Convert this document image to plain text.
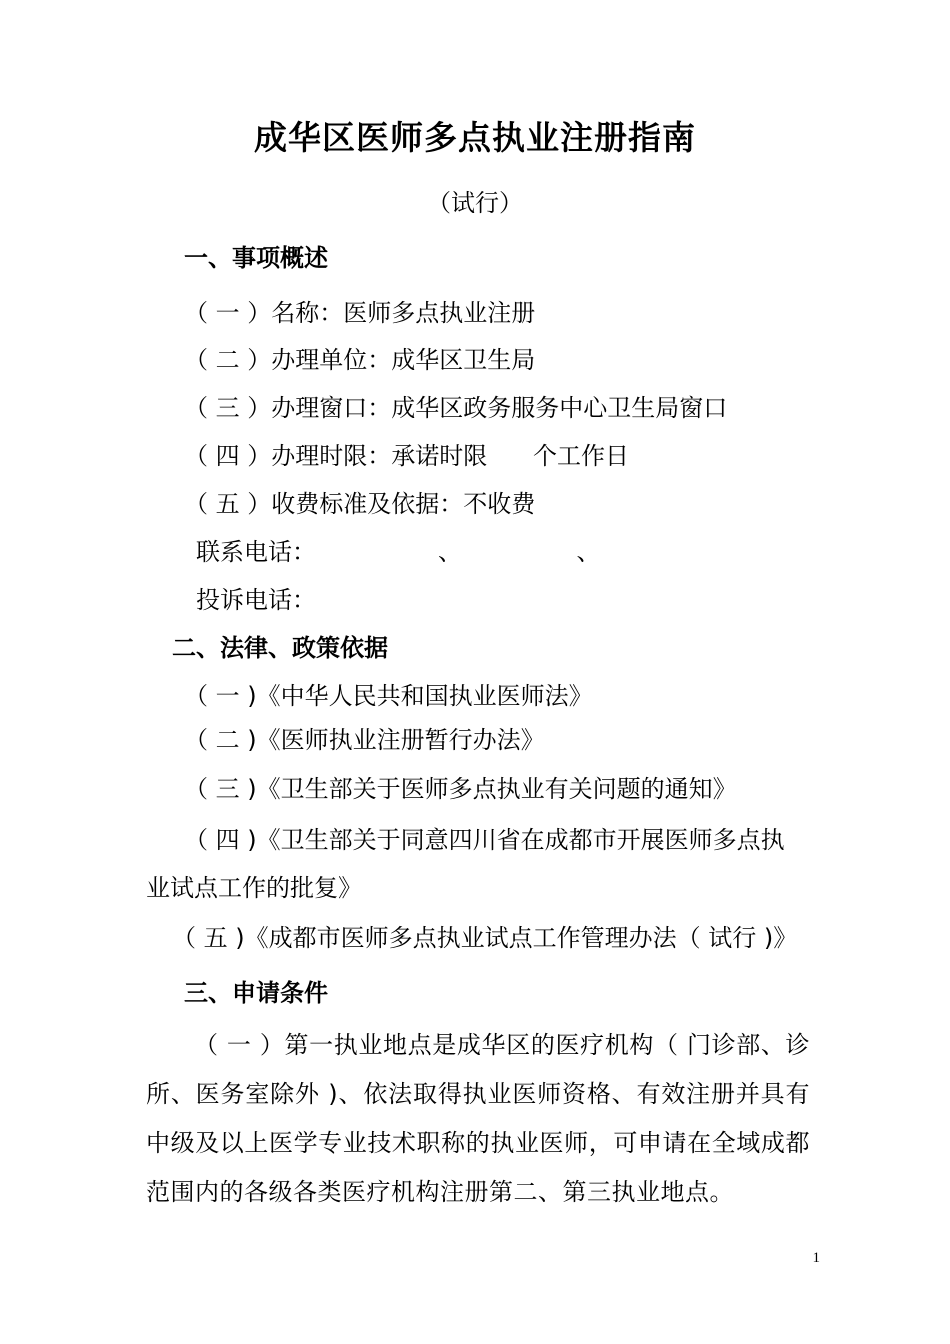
成华区医师多点执业注册指南
（试行）
一、事项概述
（ 一 ）名称：医师多点执业注册
（ 二 ）办理单位：成华区卫生局
（ 三 ）办理窗口：成华区政务服务中心卫生局窗口
（ 四 ）办理时限：承诺时限      个工作日
（ 五 ）收费标准及依据：不收费
联系电话：                、               、
投诉电话：
二、法律、政策依据
（ 一 )《中华人民共和国执业医师法》
（ 二 )《医师执业注册暂行办法》
（ 三 )《卫生部关于医师多点执业有关问题的通知》
（ 四 )《卫生部关于同意四川省在成都市开展医师多点执
业试点工作的批复》
（ 五 )《成都市医师多点执业试点工作管理办法（ 试行 )》
三、申请条件
（ 一 ）第一执业地点是成华区的医疗机构（ 门诊部、诊所、医务室除外 )、依法取得执业医师资格、有效注册并具有中级及以上医学专业技术职称的执业医师，可申请在全域成都范围内的各级各类医疗机构注册第二、第三执业地点。
1
